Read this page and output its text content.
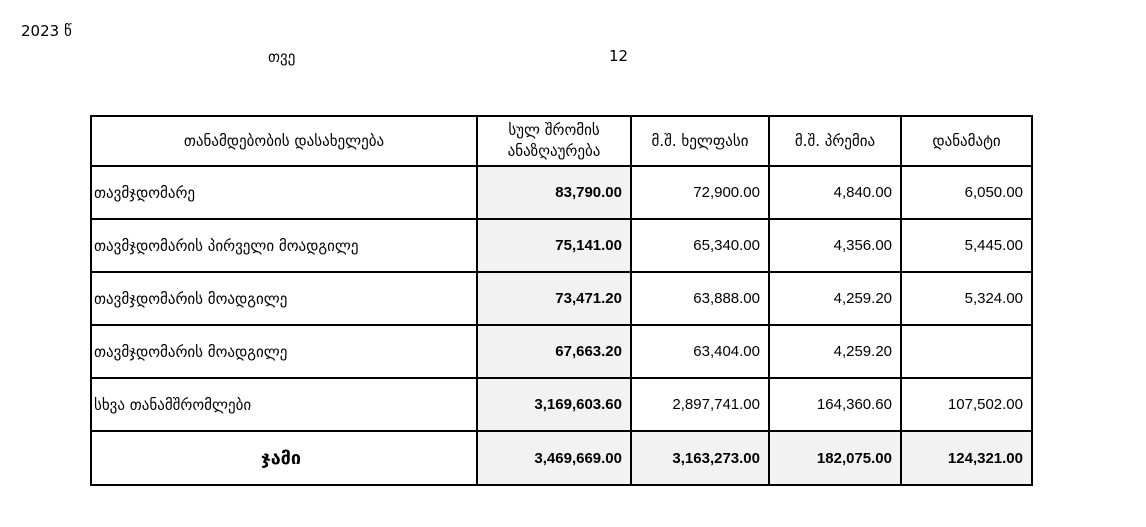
2023 წ
თვე	12
თანამდებობის დასახელება	სულ შრომის ანაზღაურება	მ.შ. ხელფასი	მ.შ. პრემია	დანამატი
თავმჯდომარე	83,790.00	72,900.00	4,840.00	6,050.00
თავმჯდომარის პირველი მოადგილე	75,141.00	65,340.00	4,356.00	5,445.00
თავმჯდომარის მოადგილე	73,471.20	63,888.00	4,259.20	5,324.00
თავმჯდომარის მოადგილე	67,663.20	63,404.00	4,259.20	
სხვა თანამშრომლები	3,169,603.60	2,897,741.00	164,360.60	107,502.00
ჯამი	3,469,669.00	3,163,273.00	182,075.00	124,321.00
